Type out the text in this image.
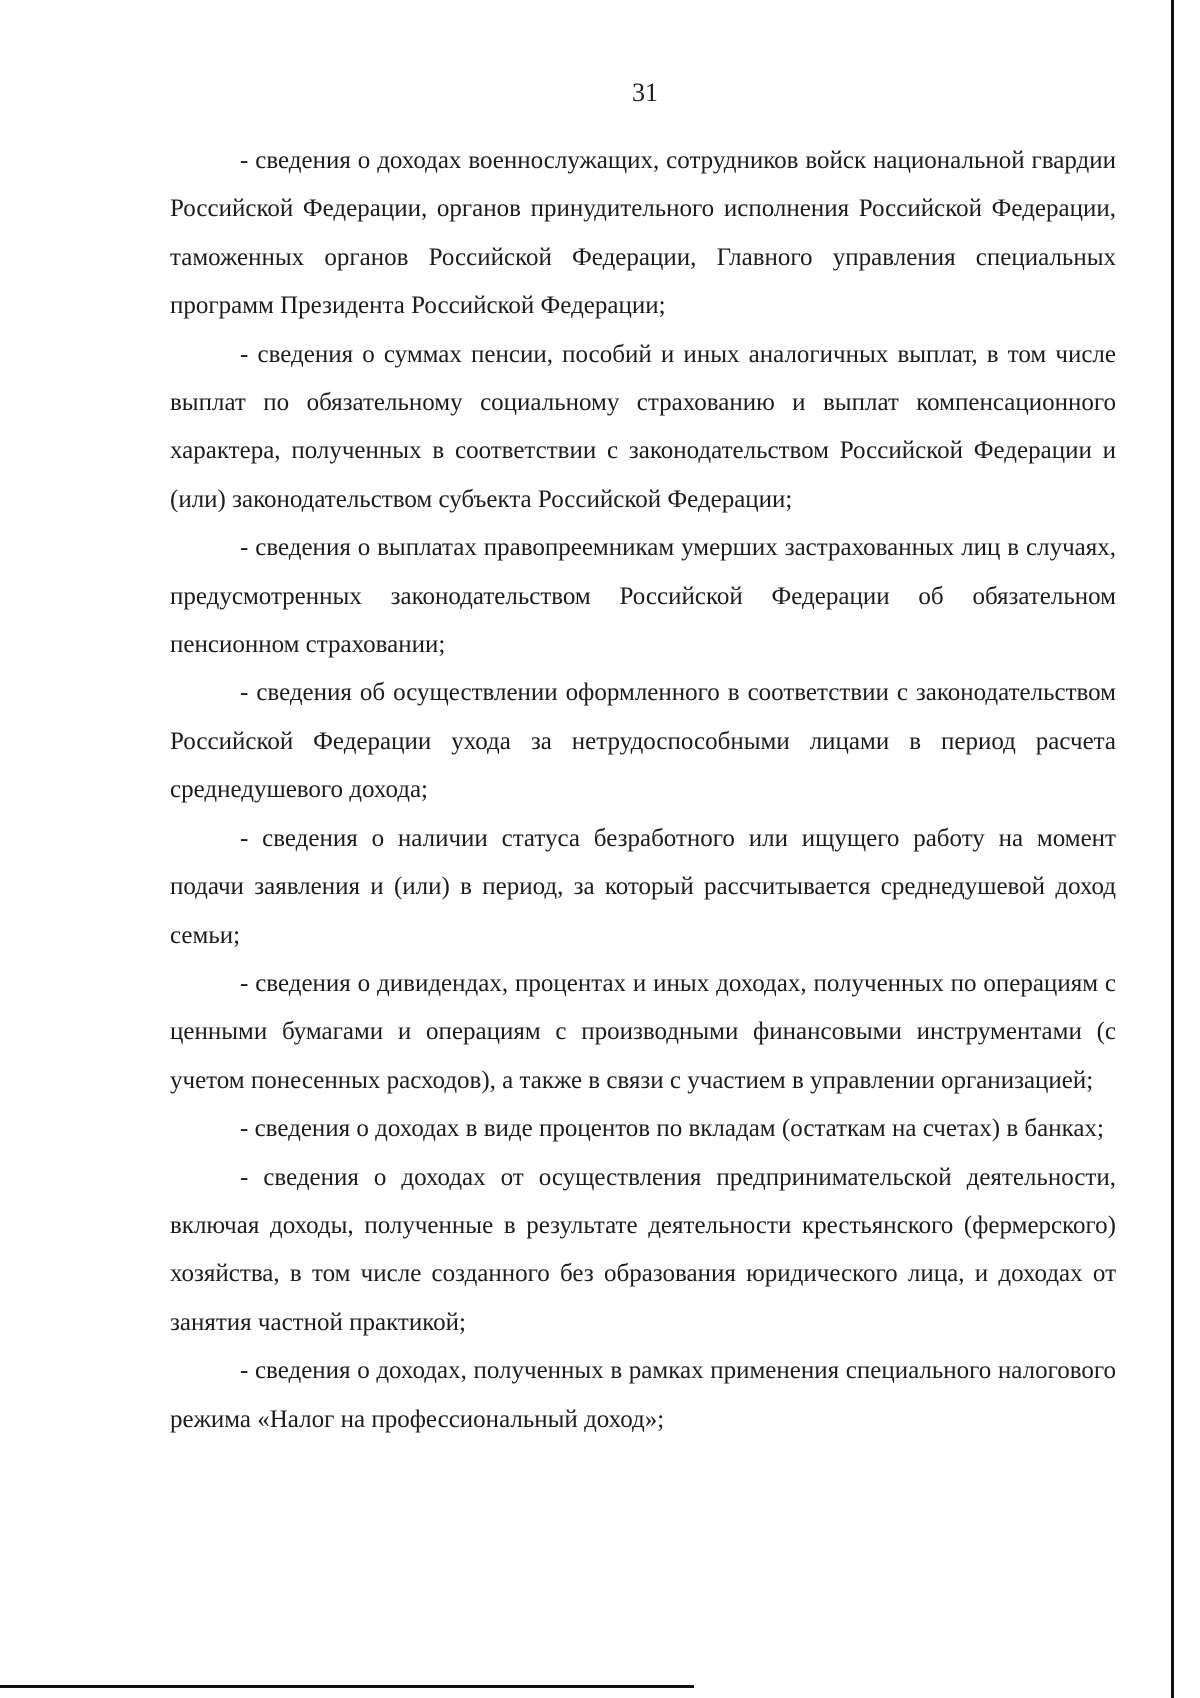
31

- сведения о доходах военнослужащих, сотрудников войск национальной гвардии Российской Федерации, органов принудительного исполнения Российской Федерации, таможенных органов Российской Федерации, Главного управления специальных программ Президента Российской Федерации;

- сведения о суммах пенсии, пособий и иных аналогичных выплат, в том числе выплат по обязательному социальному страхованию и выплат компенсационного характера, полученных в соответствии с законодательством Российской Федерации и (или) законодательством субъекта Российской Федерации;

- сведения о выплатах правопреемникам умерших застрахованных лиц в случаях, предусмотренных законодательством Российской Федерации об обязательном пенсионном страховании;

- сведения об осуществлении оформленного в соответствии с законодательством Российской Федерации ухода за нетрудоспособными лицами в период расчета среднедушевого дохода;

- сведения о наличии статуса безработного или ищущего работу на момент подачи заявления и (или) в период, за который рассчитывается среднедушевой доход семьи;

- сведения о дивидендах, процентах и иных доходах, полученных по операциям с ценными бумагами и операциям с производными финансовыми инструментами (с учетом понесенных расходов), а также в связи с участием в управлении организацией;

- сведения о доходах в виде процентов по вкладам (остаткам на счетах) в банках;

- сведения о доходах от осуществления предпринимательской деятельности, включая доходы, полученные в результате деятельности крестьянского (фермерского) хозяйства, в том числе созданного без образования юридического лица, и доходах от занятия частной практикой;

- сведения о доходах, полученных в рамках применения специального налогового режима «Налог на профессиональный доход»;
